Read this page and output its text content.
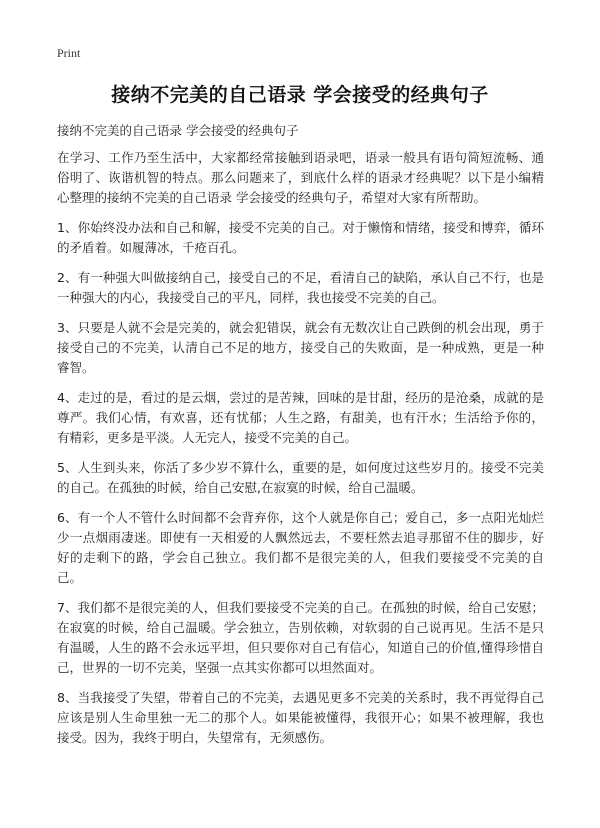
Print
接纳不完美的自己语录 学会接受的经典句子

接纳不完美的自己语录 学会接受的经典句子

在学习、工作乃至生活中，大家都经常接触到语录吧，语录一般具有语句简短流畅、通俗明了、诙谐机智的特点。那么问题来了，到底什么样的语录才经典呢？以下是小编精心整理的接纳不完美的自己语录 学会接受的经典句子，希望对大家有所帮助。

1、你始终没办法和自己和解，接受不完美的自己。对于懒惰和情绪，接受和博弈，循环的矛盾着。如履薄冰，千疮百孔。

2、有一种强大叫做接纳自己，接受自己的不足，看清自己的缺陷，承认自己不行，也是一种强大的内心，我接受自己的平凡，同样，我也接受不完美的自己。

3、只要是人就不会是完美的，就会犯错误，就会有无数次让自己跌倒的机会出现，勇于接受自己的不完美，认清自己不足的地方，接受自己的失败面，是一种成熟，更是一种睿智。

4、走过的是，看过的是云烟，尝过的是苦辣，回味的是甘甜，经历的是沧桑，成就的是尊严。我们心情，有欢喜，还有忧郁；人生之路，有甜美，也有汗水；生活给予你的，有精彩，更多是平淡。人无完人，接受不完美的自己。

5、人生到头来，你活了多少岁不算什么，重要的是，如何度过这些岁月的。接受不完美的自己。在孤独的时候，给自己安慰,在寂寞的时候，给自己温暖。

6、有一个人不管什么时间都不会背弃你，这个人就是你自己；爱自己，多一点阳光灿烂少一点烟雨凄迷。即使有一天相爱的人飘然远去，不要枉然去追寻那留不住的脚步，好好的走剩下的路，学会自己独立。我们都不是很完美的人，但我们要接受不完美的自己。

7、我们都不是很完美的人，但我们要接受不完美的自己。在孤独的时候，给自己安慰；在寂寞的时候，给自己温暖。学会独立，告别依赖，对软弱的自己说再见。生活不是只有温暖，人生的路不会永远平坦，但只要你对自己有信心，知道自己的价值,懂得珍惜自己，世界的一切不完美，坚强一点其实你都可以坦然面对。

8、当我接受了失望，带着自己的不完美，去遇见更多不完美的关系时，我不再觉得自己应该是别人生命里独一无二的那个人。如果能被懂得，我很开心；如果不被理解，我也接受。因为，我终于明白，失望常有，无须感伤。
